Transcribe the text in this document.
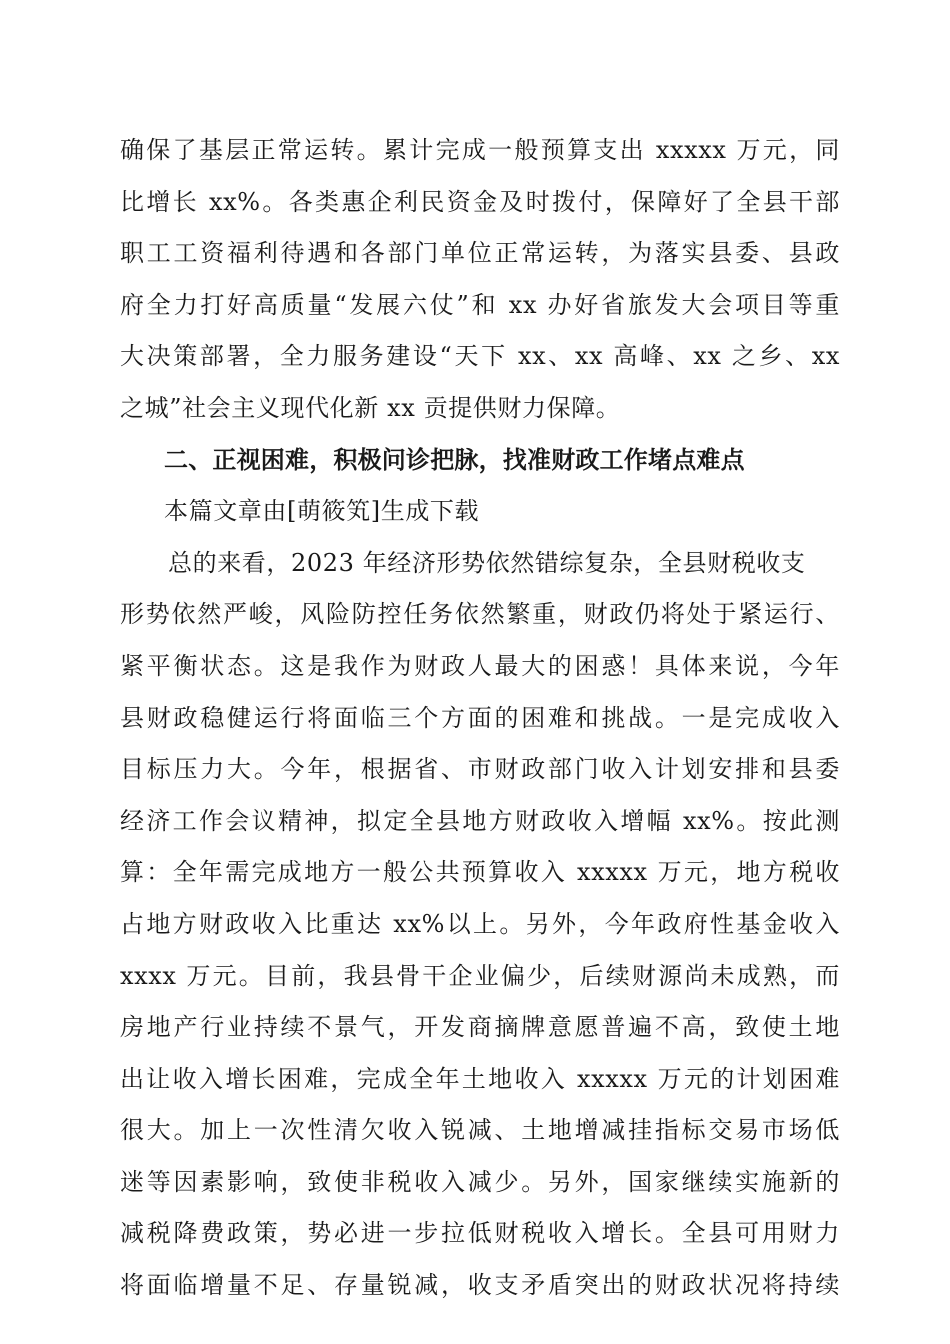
确保了基层正常运转。累计完成一般预算支出 xxxxx 万元，同
比增长 xx%。各类惠企利民资金及时拨付，保障好了全县干部
职工工资福利待遇和各部门单位正常运转，为落实县委、县政
府全力打好高质量“发展六仗”和 xx 办好省旅发大会项目等重
大决策部署，全力服务建设“天下 xx、xx 高峰、xx 之乡、xx
之城”社会主义现代化新 xx 贡提供财力保障。
二、正视困难，积极问诊把脉，找准财政工作堵点难点
本篇文章由[萌筱笂]生成下载
总的来看，2023 年经济形势依然错综复杂，全县财税收支
形势依然严峻，风险防控任务依然繁重，财政仍将处于紧运行、
紧平衡状态。这是我作为财政人最大的困惑！具体来说，今年
县财政稳健运行将面临三个方面的困难和挑战。一是完成收入
目标压力大。今年，根据省、市财政部门收入计划安排和县委
经济工作会议精神，拟定全县地方财政收入增幅 xx%。按此测
算：全年需完成地方一般公共预算收入 xxxxx 万元，地方税收
占地方财政收入比重达 xx%以上。另外，今年政府性基金收入
xxxx 万元。目前，我县骨干企业偏少，后续财源尚未成熟，而
房地产行业持续不景气，开发商摘牌意愿普遍不高，致使土地
出让收入增长困难，完成全年土地收入 xxxxx 万元的计划困难
很大。加上一次性清欠收入锐减、土地增减挂指标交易市场低
迷等因素影响，致使非税收入减少。另外，国家继续实施新的
减税降费政策，势必进一步拉低财税收入增长。全县可用财力
将面临增量不足、存量锐减，收支矛盾突出的财政状况将持续
